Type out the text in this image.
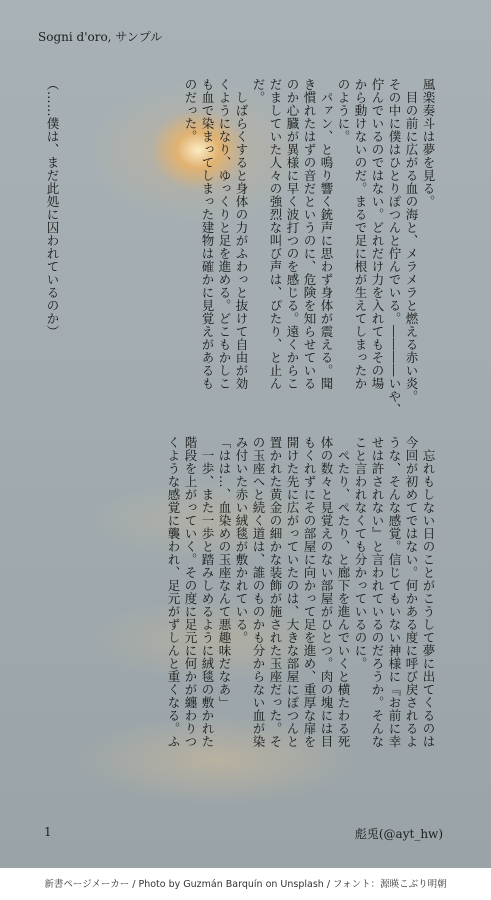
Sogni d'oro, サンプル
風楽奏斗は夢を見る。
　目の前に広がる血の海と、メラメラと燃える赤い炎。
その中に僕はひとりぽつんと佇んでいる。――――いや、
佇んでいるのではない。どれだけ力を入れてもその場
から動けないのだ。まるで足に根が生えてしまったか
のように。
　パァン、と鳴り響く銃声に思わず身体が震える。聞
き慣れたはずの音だというのに、危険を知らせている
のか心臓が異様に早く波打つのを感じる。遠くからこ
だましていた人々の強烈な叫び声は、ぴたり、と止ん
だ。
　しばらくすると身体の力がふわっと抜けて自由が効
くようになり、ゆっくりと足を進める。どこもかしこ
も血で染まってしまった建物は確かに見覚えがあるも
のだった。
　忘れもしない日のことがこうして夢に出てくるのは
今回が初めてではない。何かある度に呼び戻されるよ
うな、そんな感覚。信じてもいない神様に『お前に幸
せは許されない』と言われているのだろうか。そんな
こと言われなくても分かっているのに。
　ぺたり、ぺたり、と廊下を進んでいくと横たわる死
体の数々と見覚えのない部屋がひとつ。肉の塊には目
もくれずにその部屋に向かって足を進め、重厚な扉を
開けた先に広がっていたのは、大きな部屋にぽつんと
置かれた黄金の細かな装飾が施された玉座だった。そ
の玉座へと続く道は、誰のものかも分からない血が染
み付いた赤い絨毯が敷かれている。
「はは…、血染めの玉座なんて悪趣味だなあ」
　一歩、また一歩と踏みしめるように絨毯の敷かれた
階段を上がっていく。その度に足元に何かが纏わりつ
くような感覚に襲われ、足元がずしんと重くなる。ふ
（……僕は、まだ此処に囚われているのか）
1	彪兎(@ayt_hw)
新書ページメーカー / Photo by Guzmán Barquín on Unsplash / フォント：源暎こぶり明朝
